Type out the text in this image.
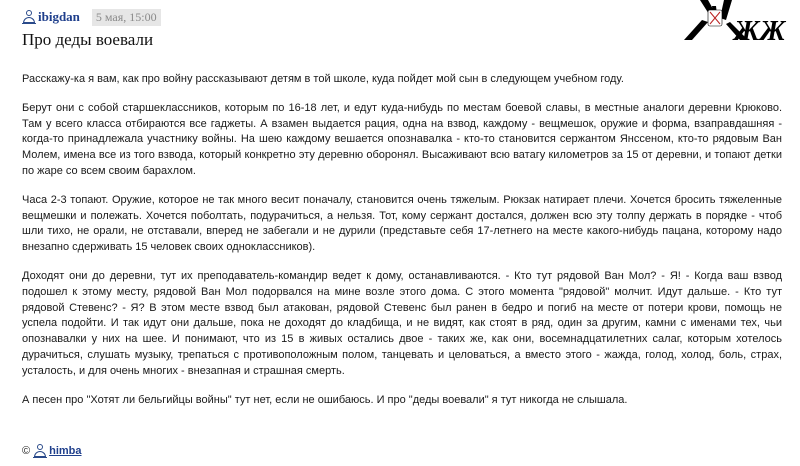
ibigdan	5 мая, 15:00
Про деды воевали	ЖЖ

Расскажу-ка я вам, как про войну рассказывают детям в той школе, куда пойдет мой сын в следующем учебном году.

Берут они с собой старшеклассников, которым по 16-18 лет, и едут куда-нибудь по местам боевой славы, в местные аналоги деревни Крюково. Там у всего класса отбираются все гаджеты. А взамен выдается рация, одна на взвод, каждому - вещмешок, оружие и форма, взаправдашняя - когда-то принадлежала участнику войны. На шею каждому вешается опознавалка - кто-то становится сержантом Янссеном, кто-то рядовым Ван Молем, имена все из того взвода, который конкретно эту деревню оборонял. Высаживают всю ватагу километров за 15 от деревни, и топают детки по жаре со всем своим барахлом.

Часа 2-3 топают. Оружие, которое не так много весит поначалу, становится очень тяжелым. Рюкзак натирает плечи. Хочется бросить тяжеленные вещмешки и полежать. Хочется поболтать, подурачиться, а нельзя. Тот, кому сержант достался, должен всю эту толпу держать в порядке - чтоб шли тихо, не орали, не отставали, вперед не забегали и не дурили (представьте себя 17-летнего на месте какого-нибудь пацана, которому надо внезапно сдерживать 15 человек своих одноклассников).

Доходят они до деревни, тут их преподаватель-командир ведет к дому, останавливаются. - Кто тут рядовой Ван Мол? - Я! - Когда ваш взвод подошел к этому месту, рядовой Ван Мол подорвался на мине возле этого дома. С этого момента "рядовой" молчит. Идут дальше. - Кто тут рядовой Стевенс? - Я? В этом месте взвод был атакован, рядовой Стевенс был ранен в бедро и погиб на месте от потери крови, помощь не успела подойти. И так идут они дальше, пока не доходят до кладбища, и не видят, как стоят в ряд, один за другим, камни с именами тех, чьи опознавалки у них на шее. И понимают, что из 15 в живых остались двое - таких же, как они, восемнадцатилетних салаг, которым хотелось дурачиться, слушать музыку, трепаться с противоположным полом, танцевать и целоваться, а вместо этого - жажда, голод, холод, боль, страх, усталость, и для очень многих - внезапная и страшная смерть.

А песен про "Хотят ли бельгийцы войны" тут нет, если не ошибаюсь. И про "деды воевали" я тут никогда не слышала.

© himba
